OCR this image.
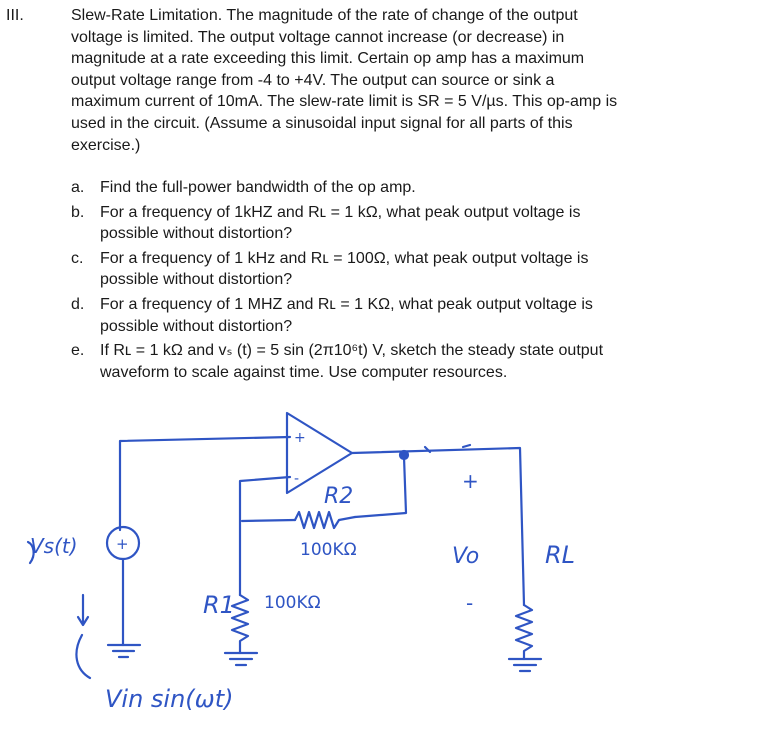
III.	Slew-Rate Limitation. The magnitude of the rate of change of the output

voltage is limited. The output voltage cannot increase (or decrease) in

magnitude at a rate exceeding this limit. Certain op amp has a maximum

output voltage range from -4 to +4V. The output can source or sink a

maximum current of 10mA. The slew-rate limit is SR = 5 V/µs. This op-amp is

used in the circuit. (Assume a sinusoidal input signal for all parts of this

exercise.)

a. Find the full-power bandwidth of the op amp.

b. For a frequency of 1kHZ and Rʟ = 1 kΩ, what peak output voltage is

possible without distortion?

c. For a frequency of 1 kHz and Rʟ = 100Ω, what peak output voltage is

possible without distortion?

d. For a frequency of 1 MHZ and Rʟ = 1 KΩ, what peak output voltage is

possible without distortion?

e. If Rʟ = 1 kΩ and vₛ (t) = 5 sin (2π10⁶t) V, sketch the steady state output

waveform to scale against time. Use computer resources.

+
-
+
Vs(t)
R2
100KΩ
R1 100KΩ
+
Vo
-
RL
Vin sin(ωt)
